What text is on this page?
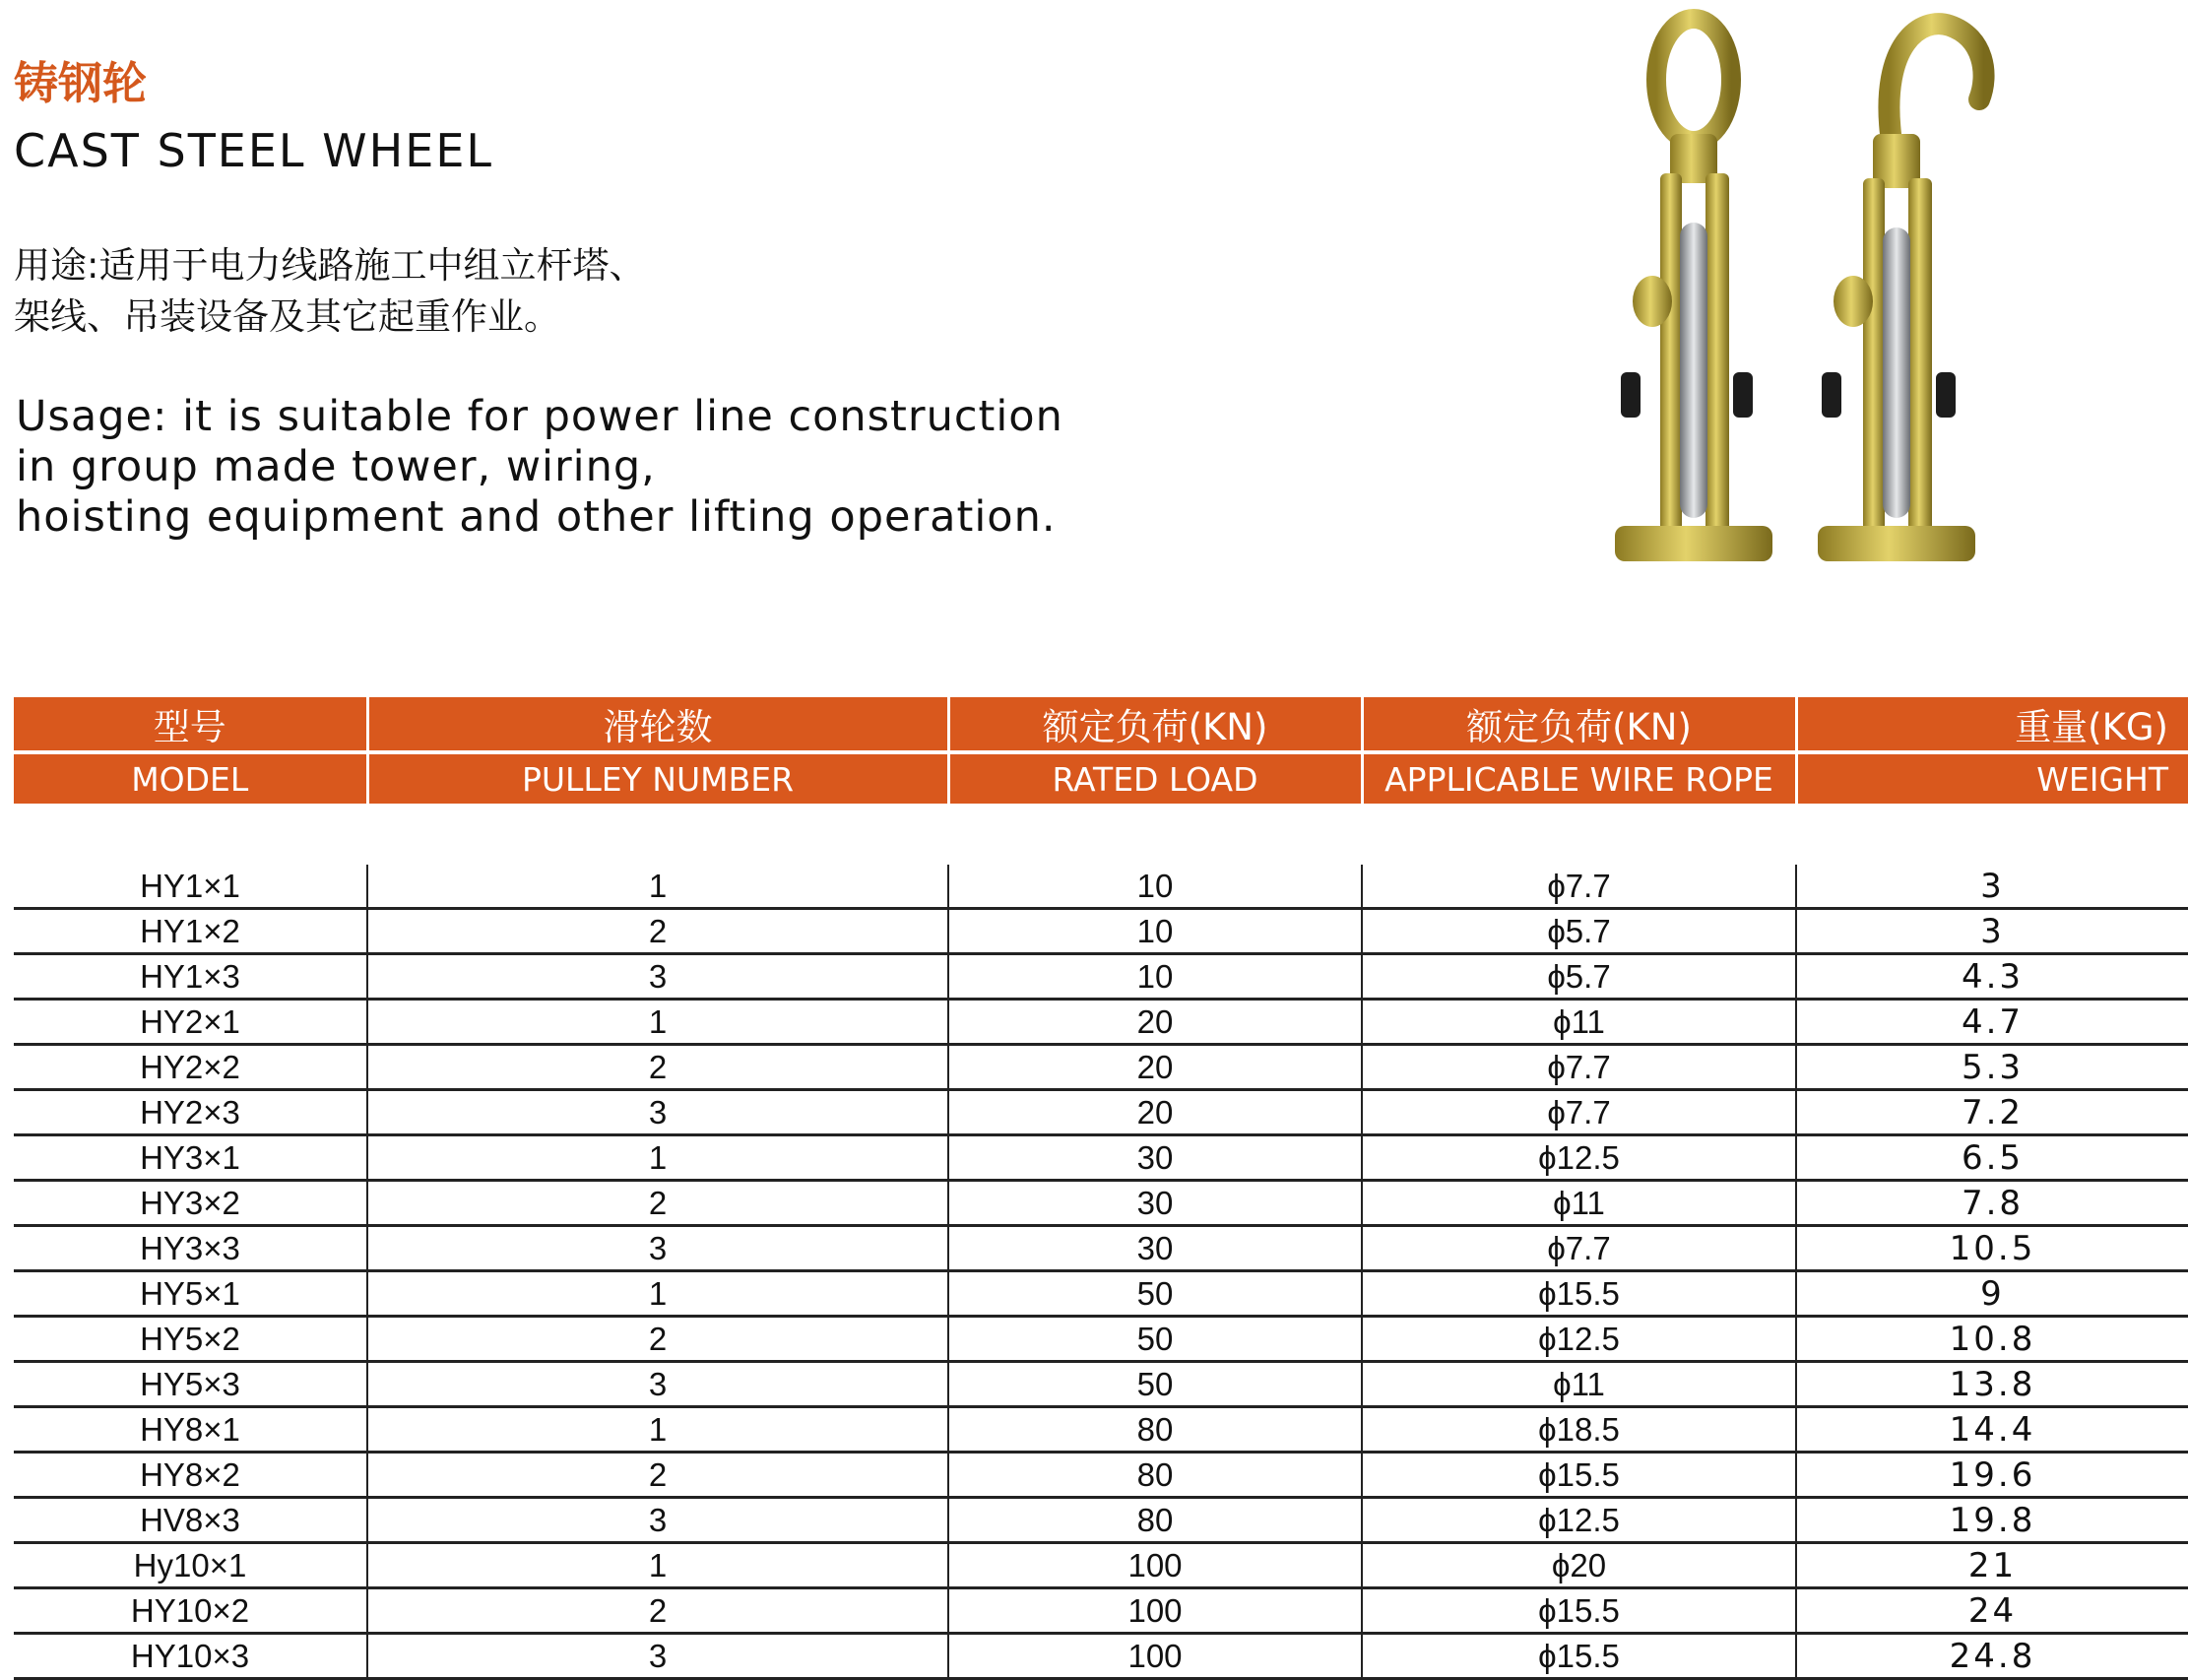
铸钢轮
CAST STEEL WHEEL
用途:适用于电力线路施工中组立杆塔、
架线、吊装设备及其它起重作业。
Usage: it is suitable for power line construction
in group made tower, wiring,
hoisting equipment and other lifting operation.
型号	滑轮数	额定负荷(KN)	额定负荷(KN)	重量(KG)
MODEL	PULLEY NUMBER	RATED LOAD	APPLICABLE WIRE ROPE	WEIGHT

HY1×1	1	10	ϕ7.7	3
HY1×2	2	10	ϕ5.7	3
HY1×3	3	10	ϕ5.7	4.3
HY2×1	1	20	ϕ11	4.7
HY2×2	2	20	ϕ7.7	5.3
HY2×3	3	20	ϕ7.7	7.2
HY3×1	1	30	ϕ12.5	6.5
HY3×2	2	30	ϕ11	7.8
HY3×3	3	30	ϕ7.7	10.5
HY5×1	1	50	ϕ15.5	9
HY5×2	2	50	ϕ12.5	10.8
HY5×3	3	50	ϕ11	13.8
HY8×1	1	80	ϕ18.5	14.4
HY8×2	2	80	ϕ15.5	19.6
HV8×3	3	80	ϕ12.5	19.8
Hy10×1	1	100	ϕ20	21
HY10×2	2	100	ϕ15.5	24
HY10×3	3	100	ϕ15.5	24.8
